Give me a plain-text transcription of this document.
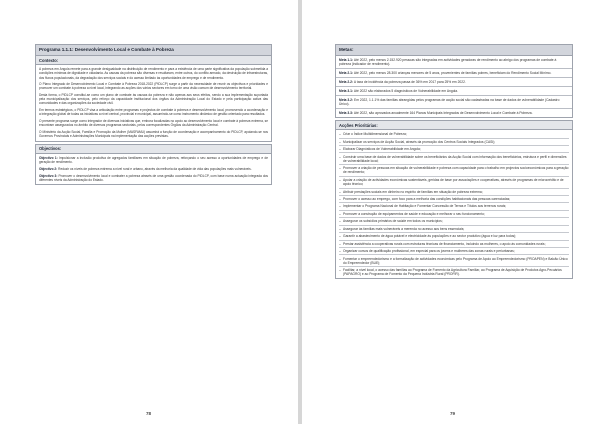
Programa 1.1.1: Desenvolvimento Local e Combate à Pobreza
Contexto:

A pobreza em Angola remete para a grande desigualdade na distribuição de rendimento e para a existência de uma parte significativa da população submetida a condições mínimas de dignidade e cidadania. As causas da pobreza são diversas e resultaram, entre outros, do conflito armado, da destruição de infraestruturas, dos fluxos populacionais, da degradação dos serviços sociais e do acesso limitado às oportunidades de emprego e de rendimento.

O Plano Integrado de Desenvolvimento Local e Combate à Pobreza 2018-2022 (PIDLCP) surge a partir da necessidade de reunir os objectivos e prioridades e promover um combate à pobreza a nível local, integrando as acções dos vários sectores em torno de uma visão comum de desenvolvimento territorial.

Desta forma, o PIDLCP constitui-se como um plano de combate às causas da pobreza e não apenas aos seus efeitos, sendo a sua implementação suportada pela municipalização dos serviços, pelo reforço da capacidade institucional dos órgãos da Administração Local do Estado e pela participação activa das comunidades e das organizações da sociedade civil.

Em termos estratégicos, o PIDLCP visa a articulação entre programas e projectos de combate à pobreza e desenvolvimento local, promovendo a coordenação e a integração global de todas as iniciativas a nível central, provincial e municipal, assumindo-se como instrumento dinâmico de gestão orientado para resultados.

O presente programa surge como integrador de diversas iniciativas que, embora focalizadas no apoio ao desenvolvimento local e combate à pobreza extrema, se encontram assegurados no âmbito de diversos programas sectoriais, pelos correspondentes Órgãos da Administração Central.

O Ministério da Acção Social, Família e Promoção da Mulher (MASFAMU) assumirá a função de coordenação e acompanhamento do PIDLCP, apoiando-se nos Governos Provinciais e Administrações Municipais na implementação das acções previstas.

Objectivos:

Objectivo 1: Impulsionar a inclusão produtiva de agregados familiares em situação de pobreza, reforçando o seu acesso a oportunidades de emprego e de geração de rendimento.

Objectivo 2: Reduzir os níveis de pobreza extrema a nível rural e urbano, através da melhoria da qualidade de vida das populações mais vulneráveis.

Objectivo 3: Promover o desenvolvimento local e combater a pobreza através de uma gestão coordenada do PIDLCP, com base numa actuação integrada dos diferentes níveis da Administração do Estado.

78
Metas:
Meta 1.1: Até 2022, pelo menos 2.152.920 pessoas são integradas em actividades geradoras de rendimento ao abrigo dos programas de combate à pobreza (indicador de rendimento).
Meta 2.1: Até 2022, pelo menos 28.300 crianças menores de 5 anos, provenientes de famílias pobres, beneficiam do Rendimento Social Mínimo.
Meta 2.2: A taxa de incidência da pobreza passa de 36% em 2017 para 25% em 2022.
Meta 3.1: Até 2022 são elaborados 5 diagnósticos de Vulnerabilidade em Angola.
Meta 3.2: Em 2022, 1.1.1% das famílias abrangidas pelos programas de acção social são cadastradas na base de dados de vulnerabilidade (Cadastro Único).
Meta 3.3: Até 2022, são aprovados anualmente 164 Planos Municipais Integrados de Desenvolvimento Local e Combate à Pobreza.
Acções Prioritárias:
– Criar o Índice Multidimensional de Pobreza;
– Municipalizar os serviços de Acção Social, através da promoção dos Centros Sociais Integrados (CASI);
– Elaborar Diagnósticos de Vulnerabilidade em Angola;
– Construir uma base de dados de vulnerabilidade sobre os beneficiários da Acção Social com informação dos beneficiários, estrutura e perfil e dimensões de vulnerabilidade local;
– Promover a criação de pessoas em situação de vulnerabilidade e pobreza com capacidade para o trabalho em projectos socioeconómicos para a geração de rendimento;
– Apoiar a criação de actividades económicas sustentáveis, geridas de base por associações e cooperativas, através de programas de microcrédito e de apoio técnico;
– Atribuir prestações sociais em dinheiro no espírito de famílias em situação de pobreza extrema;
– Promover o acesso ao emprego, com foco para a melhoria das condições habitacionais das pessoas carenciadas;
– Implementar o Programa Nacional de Habitação e Fomentar Concessão de Terras e Títulos aos terrenos rurais;
– Promover a construção de equipamentos de saúde e educação e melhorar o seu funcionamento;
– Assegurar os subsídios primários de saúde em todos os municípios;
– Assegurar às famílias mais vulneráveis a merenda no acesso aos bens essenciais;
– Garantir a abastecimento de água potável e electricidade às populações e ao sector produtivo (água e luz para todos);
– Prestar assistência a cooperativas rurais com estruturas técnicas de financiamento, incluindo as mulheres, o apoio às comunidades rurais;
– Organizar cursos de qualificação profissional, em especial para os jovens e mulheres das zonas rurais e periurbanas;
– Fomentar o empreendedorismo e a formalização de actividades económicas pelo Programa de Apoio ao Empreendedorismo (PROAPEN) e Balcão Único do Empreendedor (BUE);
– Facilitar, a nível local, o acesso das famílias ao Programa de Fomento da Agricultura Familiar, ao Programa de Aquisição de Produtos Agro-Pecuários (PAPAGRO) e ao Programa de Fomento da Pequena Indústria Rural (PROFIR).
79
